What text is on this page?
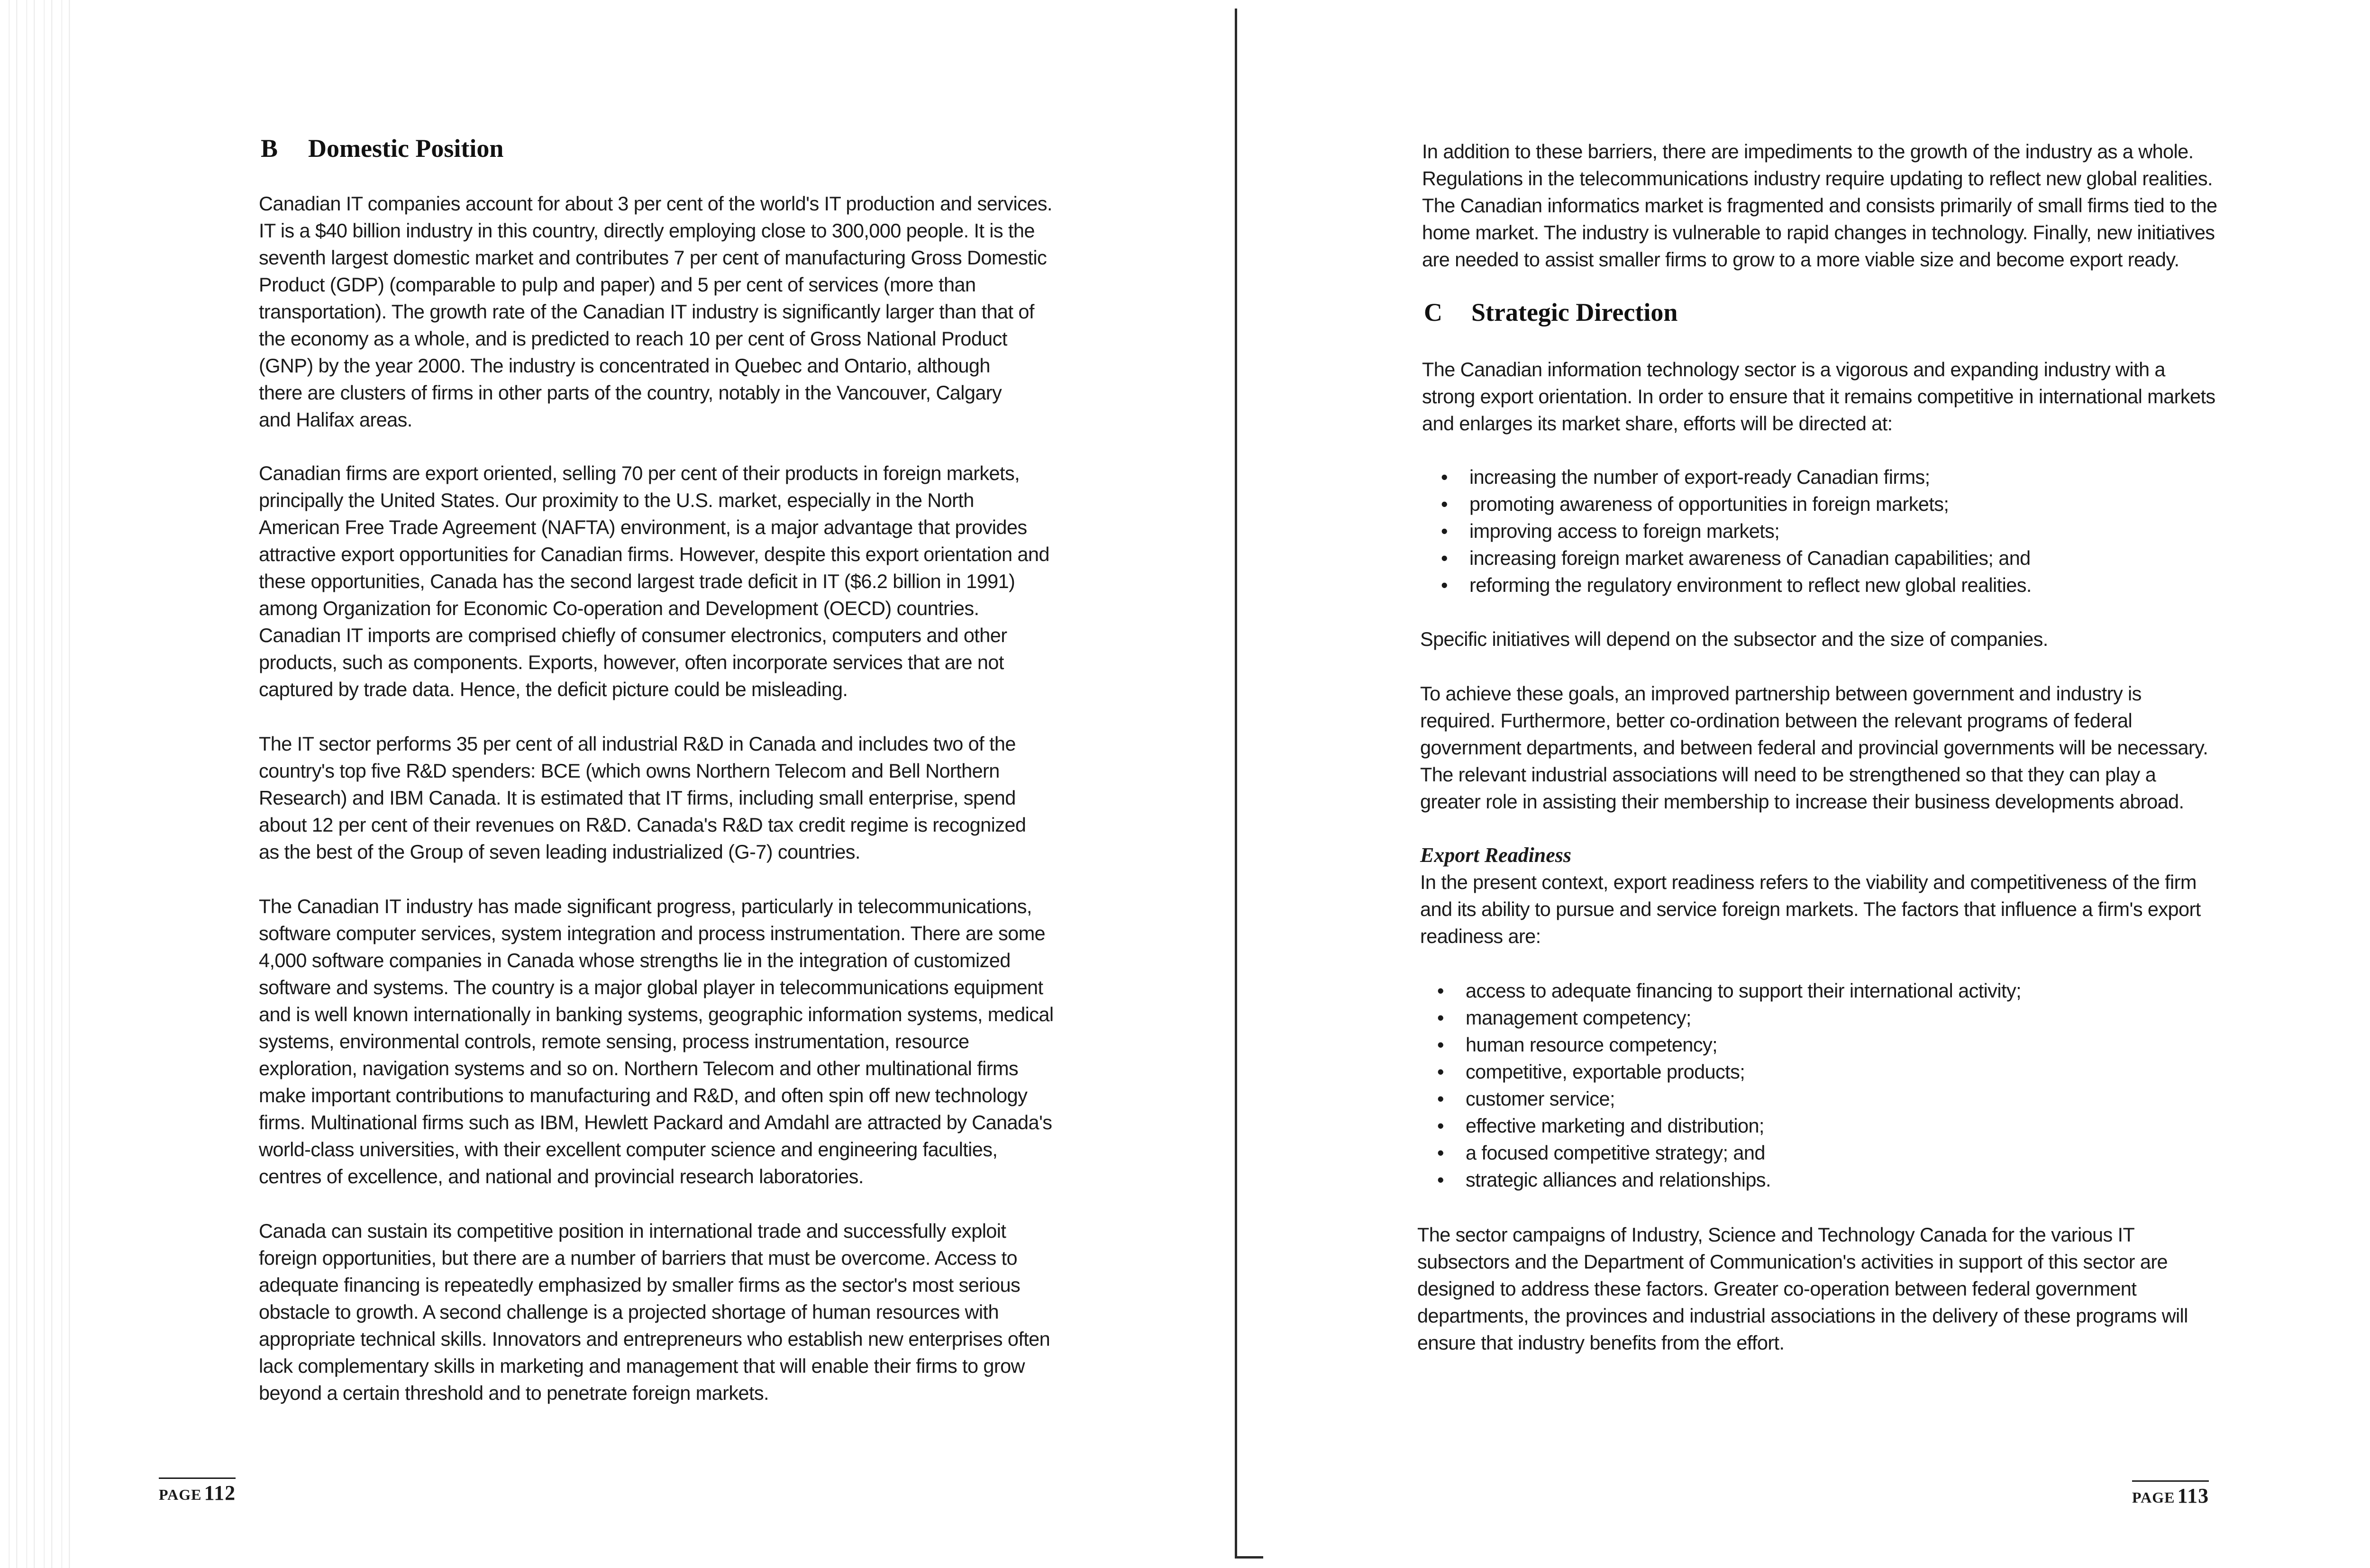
B Domestic Position
Canadian IT companies account for about 3 per cent of the world's IT production and services.
IT is a $40 billion industry in this country, directly employing close to 300,000 people. It is the
seventh largest domestic market and contributes 7 per cent of manufacturing Gross Domestic
Product (GDP) (comparable to pulp and paper) and 5 per cent of services (more than
transportation). The growth rate of the Canadian IT industry is significantly larger than that of
the economy as a whole, and is predicted to reach 10 per cent of Gross National Product
(GNP) by the year 2000. The industry is concentrated in Quebec and Ontario, although
there are clusters of firms in other parts of the country, notably in the Vancouver, Calgary
and Halifax areas.
Canadian firms are export oriented, selling 70 per cent of their products in foreign markets,
principally the United States. Our proximity to the U.S. market, especially in the North
American Free Trade Agreement (NAFTA) environment, is a major advantage that provides
attractive export opportunities for Canadian firms. However, despite this export orientation and
these opportunities, Canada has the second largest trade deficit in IT ($6.2 billion in 1991)
among Organization for Economic Co-operation and Development (OECD) countries.
Canadian IT imports are comprised chiefly of consumer electronics, computers and other
products, such as components. Exports, however, often incorporate services that are not
captured by trade data. Hence, the deficit picture could be misleading.
The IT sector performs 35 per cent of all industrial R&D in Canada and includes two of the
country's top five R&D spenders: BCE (which owns Northern Telecom and Bell Northern
Research) and IBM Canada. It is estimated that IT firms, including small enterprise, spend
about 12 per cent of their revenues on R&D. Canada's R&D tax credit regime is recognized
as the best of the Group of seven leading industrialized (G-7) countries.
The Canadian IT industry has made significant progress, particularly in telecommunications,
software computer services, system integration and process instrumentation. There are some
4,000 software companies in Canada whose strengths lie in the integration of customized
software and systems. The country is a major global player in telecommunications equipment
and is well known internationally in banking systems, geographic information systems, medical
systems, environmental controls, remote sensing, process instrumentation, resource
exploration, navigation systems and so on. Northern Telecom and other multinational firms
make important contributions to manufacturing and R&D, and often spin off new technology
firms. Multinational firms such as IBM, Hewlett Packard and Amdahl are attracted by Canada's
world-class universities, with their excellent computer science and engineering faculties,
centres of excellence, and national and provincial research laboratories.
Canada can sustain its competitive position in international trade and successfully exploit
foreign opportunities, but there are a number of barriers that must be overcome. Access to
adequate financing is repeatedly emphasized by smaller firms as the sector's most serious
obstacle to growth. A second challenge is a projected shortage of human resources with
appropriate technical skills. Innovators and entrepreneurs who establish new enterprises often
lack complementary skills in marketing and management that will enable their firms to grow
beyond a certain threshold and to penetrate foreign markets.
PAGE 112
In addition to these barriers, there are impediments to the growth of the industry as a whole.
Regulations in the telecommunications industry require updating to reflect new global realities.
The Canadian informatics market is fragmented and consists primarily of small firms tied to the
home market. The industry is vulnerable to rapid changes in technology. Finally, new initiatives
are needed to assist smaller firms to grow to a more viable size and become export ready.
C Strategic Direction
The Canadian information technology sector is a vigorous and expanding industry with a
strong export orientation. In order to ensure that it remains competitive in international markets
and enlarges its market share, efforts will be directed at:
• increasing the number of export-ready Canadian firms;
• promoting awareness of opportunities in foreign markets;
• improving access to foreign markets;
• increasing foreign market awareness of Canadian capabilities; and
• reforming the regulatory environment to reflect new global realities.
Specific initiatives will depend on the subsector and the size of companies.
To achieve these goals, an improved partnership between government and industry is
required. Furthermore, better co-ordination between the relevant programs of federal
government departments, and between federal and provincial governments will be necessary.
The relevant industrial associations will need to be strengthened so that they can play a
greater role in assisting their membership to increase their business developments abroad.
Export Readiness
In the present context, export readiness refers to the viability and competitiveness of the firm
and its ability to pursue and service foreign markets. The factors that influence a firm's export
readiness are:
• access to adequate financing to support their international activity;
• management competency;
• human resource competency;
• competitive, exportable products;
• customer service;
• effective marketing and distribution;
• a focused competitive strategy; and
• strategic alliances and relationships.
The sector campaigns of Industry, Science and Technology Canada for the various IT
subsectors and the Department of Communication's activities in support of this sector are
designed to address these factors. Greater co-operation between federal government
departments, the provinces and industrial associations in the delivery of these programs will
ensure that industry benefits from the effort.
PAGE 113
